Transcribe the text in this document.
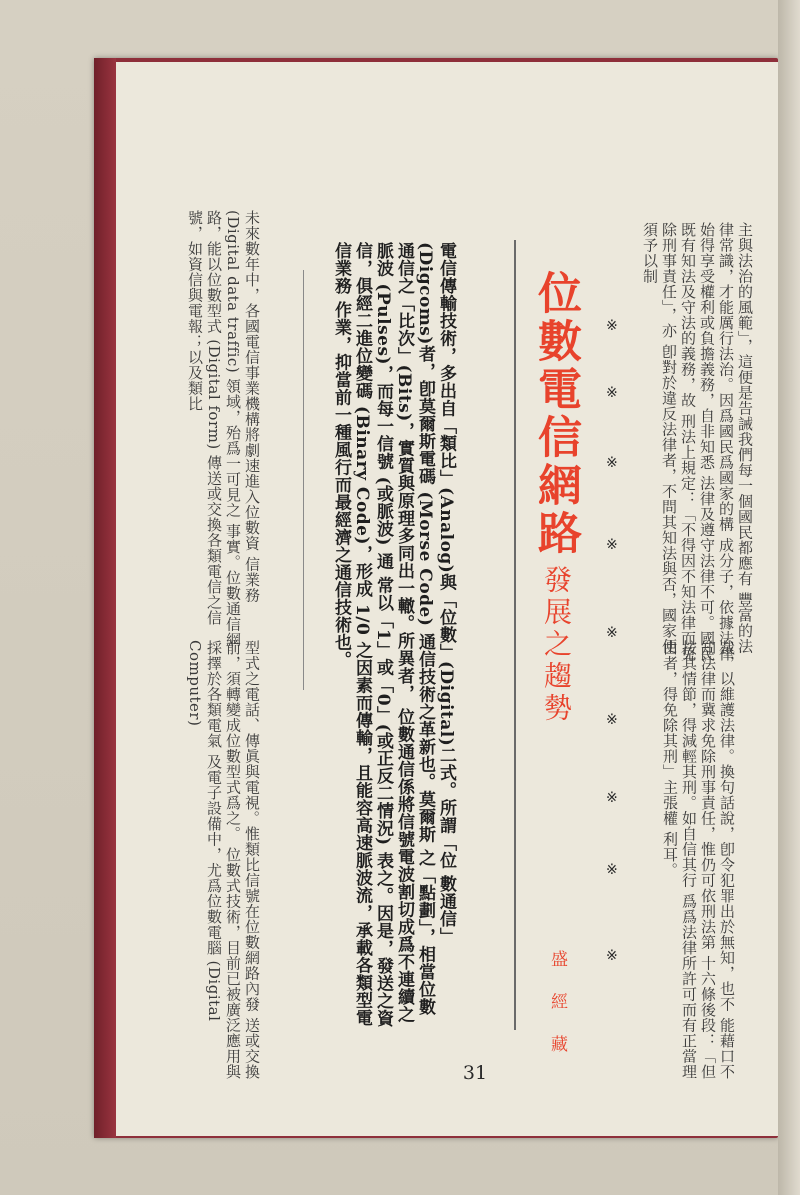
主與法治的風範」，這便是告誡我們每一個國民都應有 豐富的法律常識，才能厲行法治。因爲國民爲國家的構 成分子，依據法律始得享受權利或負擔義務，自非知悉 法律及遵守法律不可。國民既有知法及守法的義務，故 刑法上規定：「不得因不知法律而免除刑事責任」，亦 卽對於違反法律者，不問其知法與否，國家便須予以制
裁，以維護法律。換句話說，卽令犯罪出於無知，也不 能藉口不知法律而冀求免除刑事責任，惟仍可依刑法第 十六條後段：「但按其情節，得減輕其刑。如自信其行 爲爲法律所許可而有正當理由者，得免除其刑」主張權 利耳。
※
※
※
※
※
※
※
※
※
位數電信網路
發展之趨勢
盛 經 藏
電信傳輸技術，多出自「類比」(Analog)與「位數」(Digital)二式。所謂「位 數通信」(Digcoms)者，卽莫爾斯電碼 (Morse Code) 通信技術之革新也。莫爾斯 之「點劃」，相當位數通信之「比次」(Bits)，實質與原理多同出一轍。所異者， 位數通信係將信號電波割切成爲不連續之脈波 (Pulses)，而每一信號 (或脈波) 通 常以「1」或「0」(或正反二情況) 表之。因是，發送之資信，俱經二進位變碼 (Binary Code)，形成 1/0 之因素而傳輸，且能容高速脈波流，承載各類型電信業務 作業，抑當前一種風行而最經濟之通信技術也。
未來數年中，各國電信事業機構將劇速進入位數資 信業務 (Digital data traffic) 領域，殆爲一可見之 事實。位數通信網路，能以位數型式 (Digital form) 傳送或交換各類電信之信號，如資信與電報；以及類比
型式之電話、傳眞與電視。惟類比信號在位數網路內發 送或交換前，須轉變成位數型式爲之。 位數式技術，目前已被廣泛應用與採擇於各類電氣 及電子設備中，尤爲位數電腦 (Digital Computer)
31
